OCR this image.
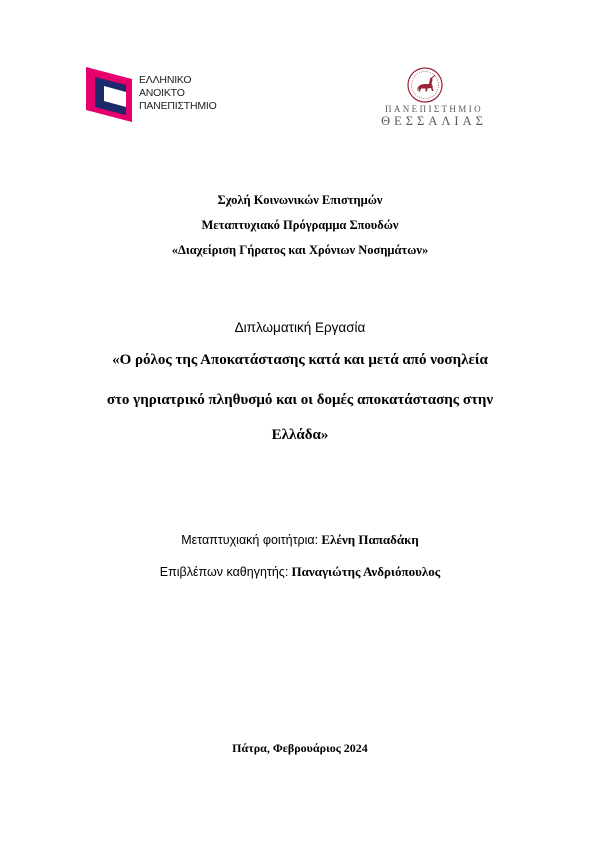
ΕΛΛΗΝΙΚΟ
ΑΝΟΙΚΤΟ
ΠΑΝΕΠΙΣΤΗΜΙΟ	ΠΑΝΕΠΙΣΤΗΜΙΟ
ΘΕΣΣΑΛΙΑΣ
Σχολή Κοινωνικών Επιστημών
Μεταπτυχιακό Πρόγραμμα Σπουδών
«Διαχείριση Γήρατος και Χρόνιων Νοσημάτων»
Διπλωματική Εργασία
«Ο ρόλος της Αποκατάστασης κατά και μετά από νοσηλεία
στο γηριατρικό πληθυσμό και οι δομές αποκατάστασης στην
Ελλάδα»
Μεταπτυχιακή φοιτήτρια: Ελένη Παπαδάκη
Επιβλέπων καθηγητής: Παναγιώτης Ανδριόπουλος
Πάτρα, Φεβρουάριος 2024
